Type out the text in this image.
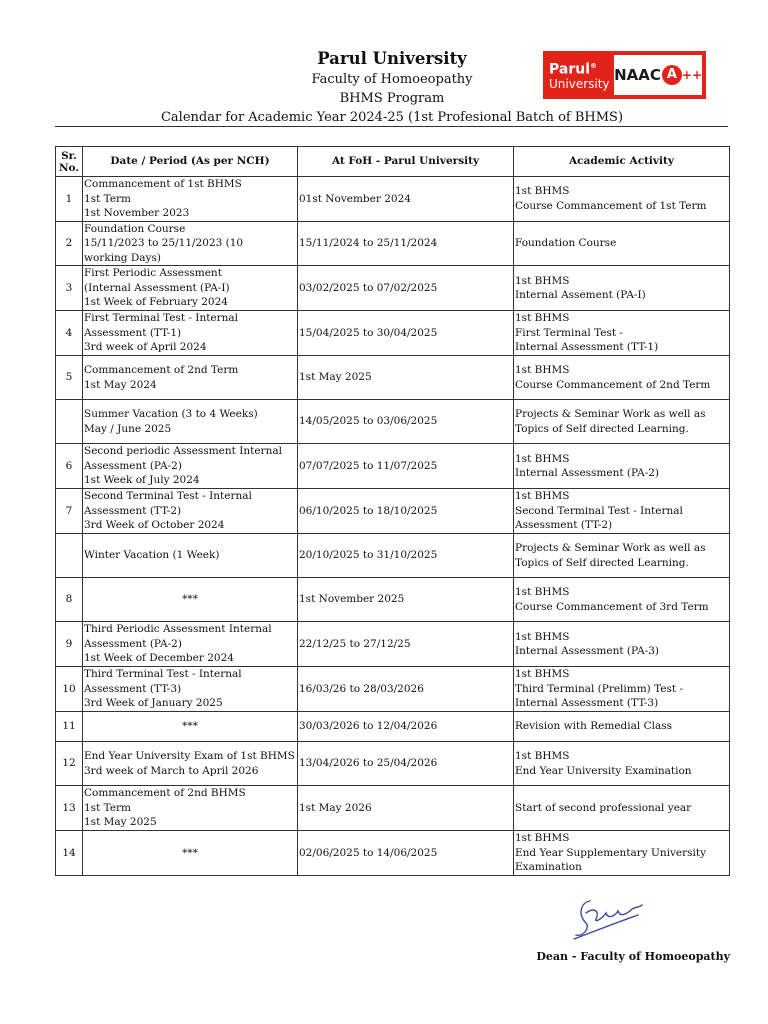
Parul University
Faculty of Homoeopathy
BHMS Program
Calendar for Academic Year 2024-25 (1st Profesional Batch of BHMS)
Parul®
University
NAAC A ++
Sr.
No.	Date / Period (As per NCH)	At FoH - Parul University	Academic Activity
1	Commancement of 1st BHMS
1st Term
1st November 2023	01st November 2024	1st BHMS
Course Commancement of 1st Term

2	Foundation Course
15/11/2023 to 25/11/2023 (10
working Days)	15/11/2024 to 25/11/2024	Foundation Course

3	First Periodic Assessment
(Internal Assessment (PA-I)
1st Week of February 2024	03/02/2025 to 07/02/2025	1st BHMS
Internal Assement (PA-I)

4	First Terminal Test - Internal
Assessment (TT-1)
3rd week of April 2024	15/04/2025 to 30/04/2025	1st BHMS
First Terminal Test -
Internal Assessment (TT-1)

5	Commancement of 2nd Term
1st May 2024	1st May 2025	1st BHMS
Course Commancement of 2nd Term

	Summer Vacation (3 to 4 Weeks)
May / June 2025	14/05/2025 to 03/06/2025	Projects & Seminar Work as well as
Topics of Self directed Learning.

6	Second periodic Assessment Internal
Assessment (PA-2)
1st Week of July 2024	07/07/2025 to 11/07/2025	1st BHMS
Internal Assessment (PA-2)

7	Second Terminal Test - Internal
Assessment (TT-2)
3rd Week of October 2024	06/10/2025 to 18/10/2025	1st BHMS
Second Terminal Test - Internal
Assessment (TT-2)

	Winter Vacation (1 Week)	20/10/2025 to 31/10/2025	Projects & Seminar Work as well as
Topics of Self directed Learning.

8	***	1st November 2025	1st BHMS
Course Commancement of 3rd Term

9	Third Periodic Assessment Internal
Assessment (PA-2)
1st Week of December 2024	22/12/25 to 27/12/25	1st BHMS
Internal Assessment (PA-3)

10	Third Terminal Test - Internal
Assessment (TT-3)
3rd Week of January 2025	16/03/26 to 28/03/2026	1st BHMS
Third Terminal (Prelimm) Test -
Internal Assessment (TT-3)

11	***	30/03/2026 to 12/04/2026	Revision with Remedial Class

12	End Year University Exam of 1st BHMS
3rd week of March to April 2026	13/04/2026 to 25/04/2026	1st BHMS
End Year University Examination

13	Commancement of 2nd BHMS
1st Term
1st May 2025	1st May 2026	Start of second professional year

14	***	02/06/2025 to 14/06/2025	1st BHMS
End Year Supplementary University
Examination
Dean - Faculty of Homoeopathy
